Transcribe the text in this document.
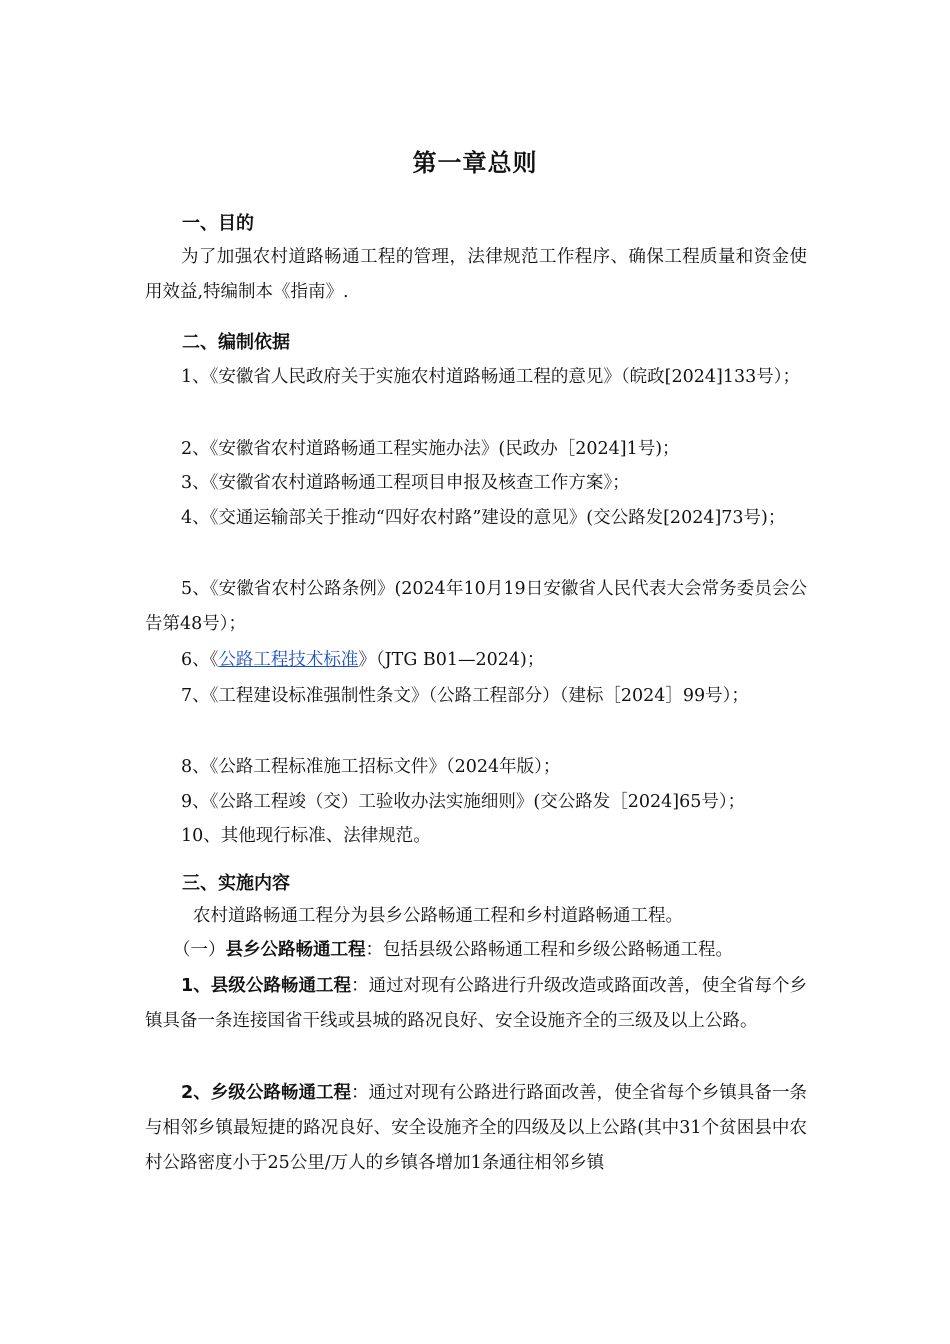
第一章总则
一、目的
为了加强农村道路畅通工程的管理，法律规范工作程序、确保工程质量和资金使用效益,特编制本《指南》.
二、编制依据
1、《安徽省人民政府关于实施农村道路畅通工程的意见》（皖政[2024]133号）；
2、《安徽省农村道路畅通工程实施办法》(民政办［2024]1号)；
3、《安徽省农村道路畅通工程项目申报及核查工作方案》；
4、《交通运输部关于推动“四好农村路”建设的意见》(交公路发[2024]73号)；
5、《安徽省农村公路条例》(2024年10月19日安徽省人民代表大会常务委员会公告第48号）；
6、《公路工程技术标准》（JTG B01—2024)；
7、《工程建设标准强制性条文》（公路工程部分）（建标［2024］99号）；
8、《公路工程标准施工招标文件》（2024年版）；
9、《公路工程竣（交）工验收办法实施细则》(交公路发［2024]65号）；
10、其他现行标准、法律规范。
三、实施内容
农村道路畅通工程分为县乡公路畅通工程和乡村道路畅通工程。
（一）县乡公路畅通工程：包括县级公路畅通工程和乡级公路畅通工程。
1、县级公路畅通工程：通过对现有公路进行升级改造或路面改善，使全省每个乡镇具备一条连接国省干线或县城的路况良好、安全设施齐全的三级及以上公路。
2、乡级公路畅通工程：通过对现有公路进行路面改善，使全省每个乡镇具备一条与相邻乡镇最短捷的路况良好、安全设施齐全的四级及以上公路(其中31个贫困县中农村公路密度小于25公里/万人的乡镇各增加1条通往相邻乡镇
